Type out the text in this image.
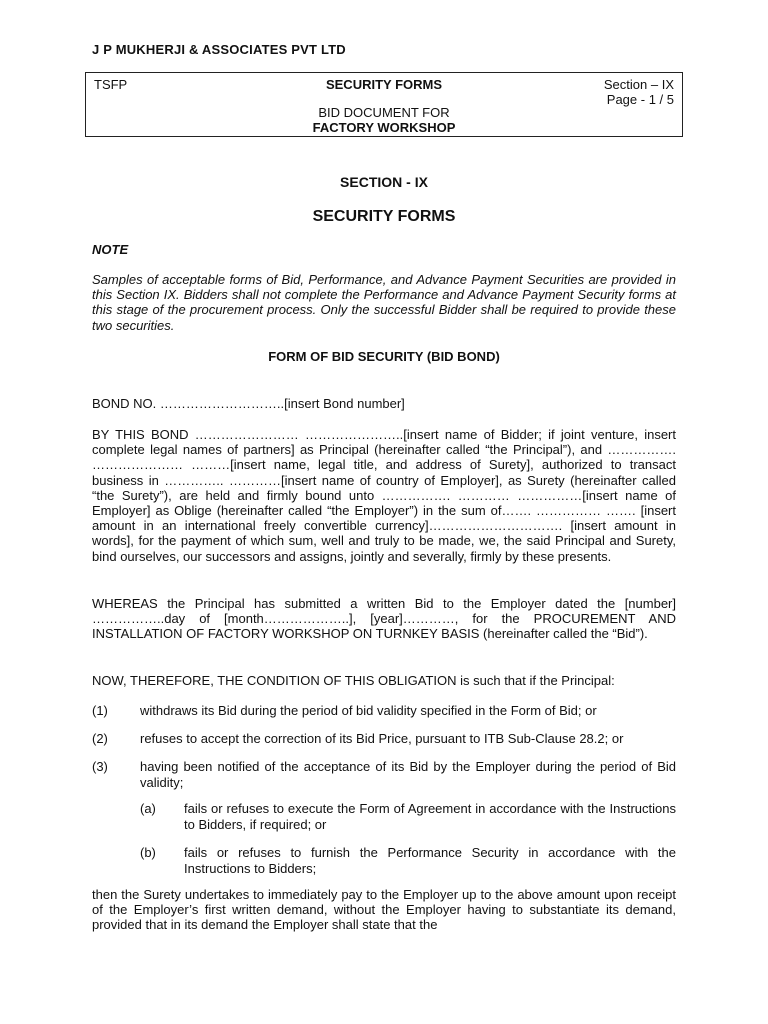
J P MUKHERJI & ASSOCIATES PVT LTD
TSFP	SECURITY FORMS
BID DOCUMENT FOR
FACTORY WORKSHOP
Section – IX
Page - 1 / 5
SECTION - IX
SECURITY FORMS
NOTE
Samples of acceptable forms of Bid, Performance, and Advance Payment Securities are provided in this Section IX. Bidders shall not complete the Performance and Advance Payment Security forms at this stage of the procurement process. Only the successful Bidder shall be required to provide these two securities.
FORM OF BID SECURITY (BID BOND)
BOND NO. ………………………..[insert Bond number]
BY THIS BOND …………………… …………………..[insert name of Bidder; if joint venture, insert complete legal names of partners] as Principal (hereinafter called “the Principal”), and ……………. ………………… ………[insert name, legal title, and address of Surety], authorized to transact business in ………….. …………[insert name of country of Employer], as Surety (hereinafter called “the Surety”), are held and firmly bound unto ……………. ………… ……………[insert name of Employer] as Oblige (hereinafter called “the Employer”) in the sum of……. …………… ……. [insert amount in an international freely convertible currency]…………………………. [insert amount in words], for the payment of which sum, well and truly to be made, we, the said Principal and Surety, bind ourselves, our successors and assigns, jointly and severally, firmly by these presents.
WHEREAS the Principal has submitted a written Bid to the Employer dated the [number] ……………..day of [month………………..], [year]…………, for the PROCUREMENT AND INSTALLATION OF FACTORY WORKSHOP ON TURNKEY BASIS (hereinafter called the “Bid”).
NOW, THEREFORE, THE CONDITION OF THIS OBLIGATION is such that if the Principal:
(1) withdraws its Bid during the period of bid validity specified in the Form of Bid; or
(2) refuses to accept the correction of its Bid Price, pursuant to ITB Sub-Clause 28.2; or
(3) having been notified of the acceptance of its Bid by the Employer during the period of Bid validity;
(a) fails or refuses to execute the Form of Agreement in accordance with the Instructions to Bidders, if required; or
(b) fails or refuses to furnish the Performance Security in accordance with the Instructions to Bidders;
then the Surety undertakes to immediately pay to the Employer up to the above amount upon receipt of the Employer’s first written demand, without the Employer having to substantiate its demand, provided that in its demand the Employer shall state that the
